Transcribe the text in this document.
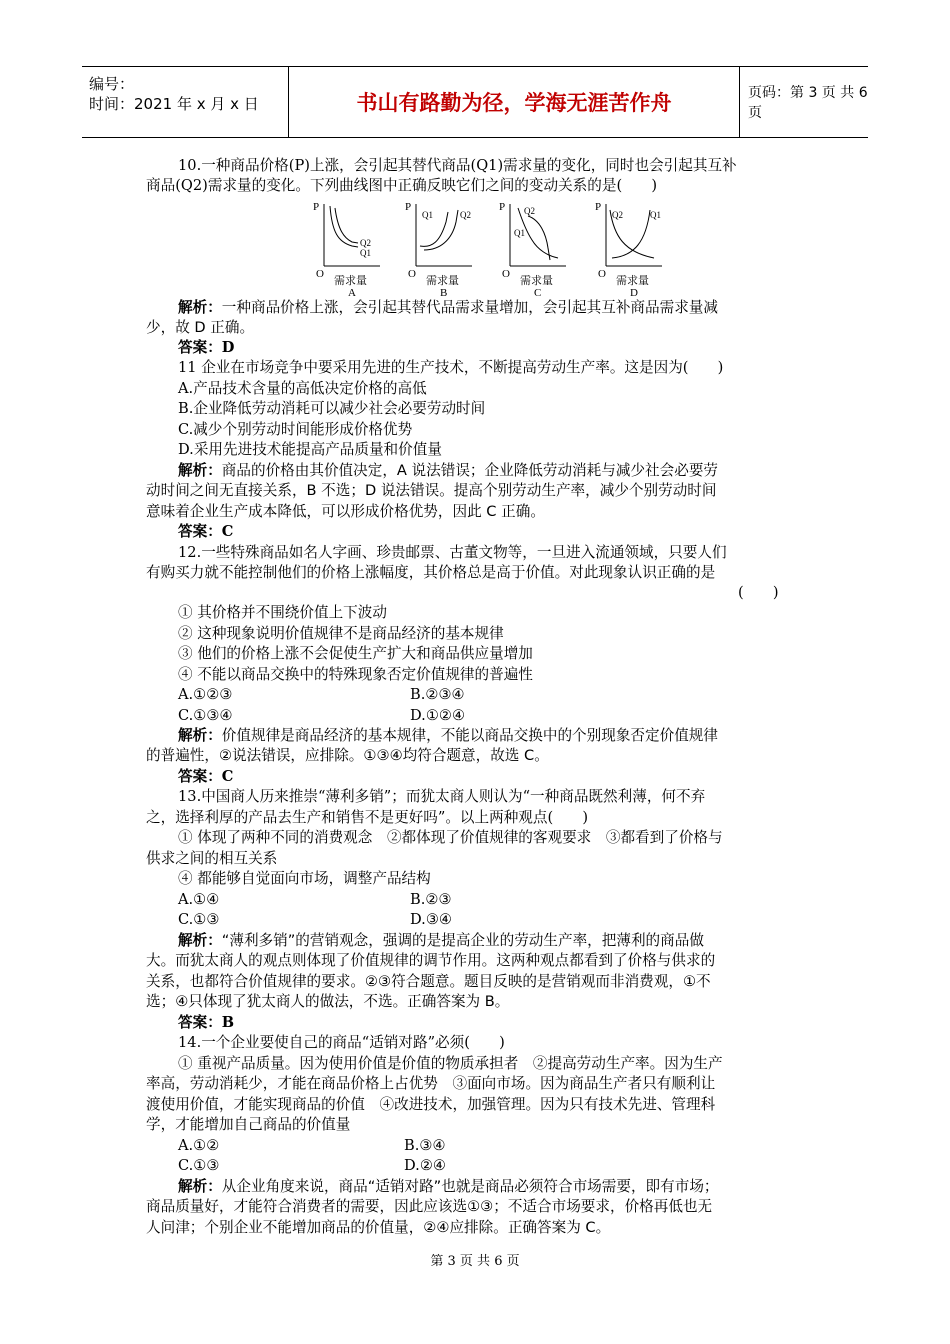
编号：
时间：2021 年 x 月 x 日	书山有路勤为径，学海无涯苦作舟	页码：第 3 页 共 6 页
10.一种商品价格(P)上涨，会引起其替代商品(Q1)需求量的变化，同时也会引起其互补
商品(Q2)需求量的变化。下列曲线图中正确反映它们之间的变动关系的是(　　)
P
O
Q2
Q1
需求量
A
P
O
Q1	Q2
需求量
B
P
O
Q2
Q1
需求量
C
P
O
Q2	Q1
需求量
D
解析：一种商品价格上涨，会引起其替代品需求量增加，会引起其互补商品需求量减
少，故 D 正确。
答案：D
11 企业在市场竞争中要采用先进的生产技术，不断提高劳动生产率。这是因为(　　)
A.产品技术含量的高低决定价格的高低
B.企业降低劳动消耗可以减少社会必要劳动时间
C.减少个别劳动时间能形成价格优势
D.采用先进技术能提高产品质量和价值量
解析：商品的价格由其价值决定，A 说法错误；企业降低劳动消耗与减少社会必要劳
动时间之间无直接关系，B 不选；D 说法错误。提高个别劳动生产率，减少个别劳动时间
意味着企业生产成本降低，可以形成价格优势，因此 C 正确。
答案：C
12.一些特殊商品如名人字画、珍贵邮票、古董文物等，一旦进入流通领域，只要人们
有购买力就不能控制他们的价格上涨幅度，其价格总是高于价值。对此现象认识正确的是
(　　)
① 其价格并不围绕价值上下波动
② 这种现象说明价值规律不是商品经济的基本规律
③ 他们的价格上涨不会促使生产扩大和商品供应量增加
④ 不能以商品交换中的特殊现象否定价值规律的普遍性
A.①②③	B.②③④
C.①③④	D.①②④
解析：价值规律是商品经济的基本规律，不能以商品交换中的个别现象否定价值规律
的普遍性，②说法错误，应排除。①③④均符合题意，故选 C。
答案：C
13.中国商人历来推崇“薄利多销”；而犹太商人则认为“一种商品既然利薄，何不弃
之，选择利厚的产品去生产和销售不是更好吗”。以上两种观点(　　)
① 体现了两种不同的消费观念　②都体现了价值规律的客观要求　③都看到了价格与
供求之间的相互关系
④ 都能够自觉面向市场，调整产品结构
A.①④	B.②③
C.①③	D.③④
解析：“薄利多销”的营销观念，强调的是提高企业的劳动生产率，把薄利的商品做
大。而犹太商人的观点则体现了价值规律的调节作用。这两种观点都看到了价格与供求的
关系，也都符合价值规律的要求。②③符合题意。题目反映的是营销观而非消费观，①不
选；④只体现了犹太商人的做法，不选。正确答案为 B。
答案：B
14.一个企业要使自己的商品“适销对路”必须(　　)
① 重视产品质量。因为使用价值是价值的物质承担者　②提高劳动生产率。因为生产
率高，劳动消耗少，才能在商品价格上占优势　③面向市场。因为商品生产者只有顺利让
渡使用价值，才能实现商品的价值　④改进技术，加强管理。因为只有技术先进、管理科
学，才能增加自己商品的价值量
A.①②	B.③④
C.①③	D.②④
解析：从企业角度来说，商品“适销对路”也就是商品必须符合市场需要，即有市场；
商品质量好，才能符合消费者的需要，因此应该选①③；不适合市场要求，价格再低也无
人问津；个别企业不能增加商品的价值量，②④应排除。正确答案为 C。
第 3 页 共 6 页
